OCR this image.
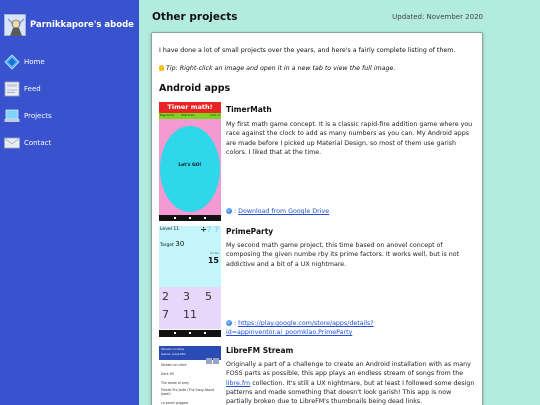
Parnikkapore's abode
Home
Feed
Projects
Contact
Other projects	Updated: November 2020
I have done a lot of small projects over the years, and here's a fairly complete listing of them.
Tip: Right-click an image and open it in a new tab to view the full image.
Android apps
Timer math!
Page Score:	Total Score	0:10 / 0
Let's GO!
TimerMath
My first math game concept. It is a classic rapid-fire addition game where you race against the clock to add as many numbers as you can. My Android apps are made before I picked up Material Design, so most of them use garish colors. I liked that at the time.
: Download from Google Drive
Level 11	÷? ?
Target 30
So far
15
2 3 5
7 11
PrimeParty
My second math game project, this time based on anovel concept of composing the given numbe rby its prime factors. It works well, but is not addictive and a bit of a UX nightmare.
: https://play.google.com/store/apps/details?id=appinventor.ai_poomklao.PrimeParty
Stream on libre
Genre: Loud-Mix
Stream on Libre
Dark 99
The beast of prey
Pianist Pro Jodie (The Song About Jewel)
La pareil gugged
LibreFM Stream
Originally a part of a challenge to create an Android installation with as many FOSS parts as possible, this app plays an endless stream of songs from the libre.fm collection. It's still a UX nightmare, but at least I followed some design patterns and made something that doesn't look garish! This app is now partially broken due to LibreFM's thumbnails being dead links.
